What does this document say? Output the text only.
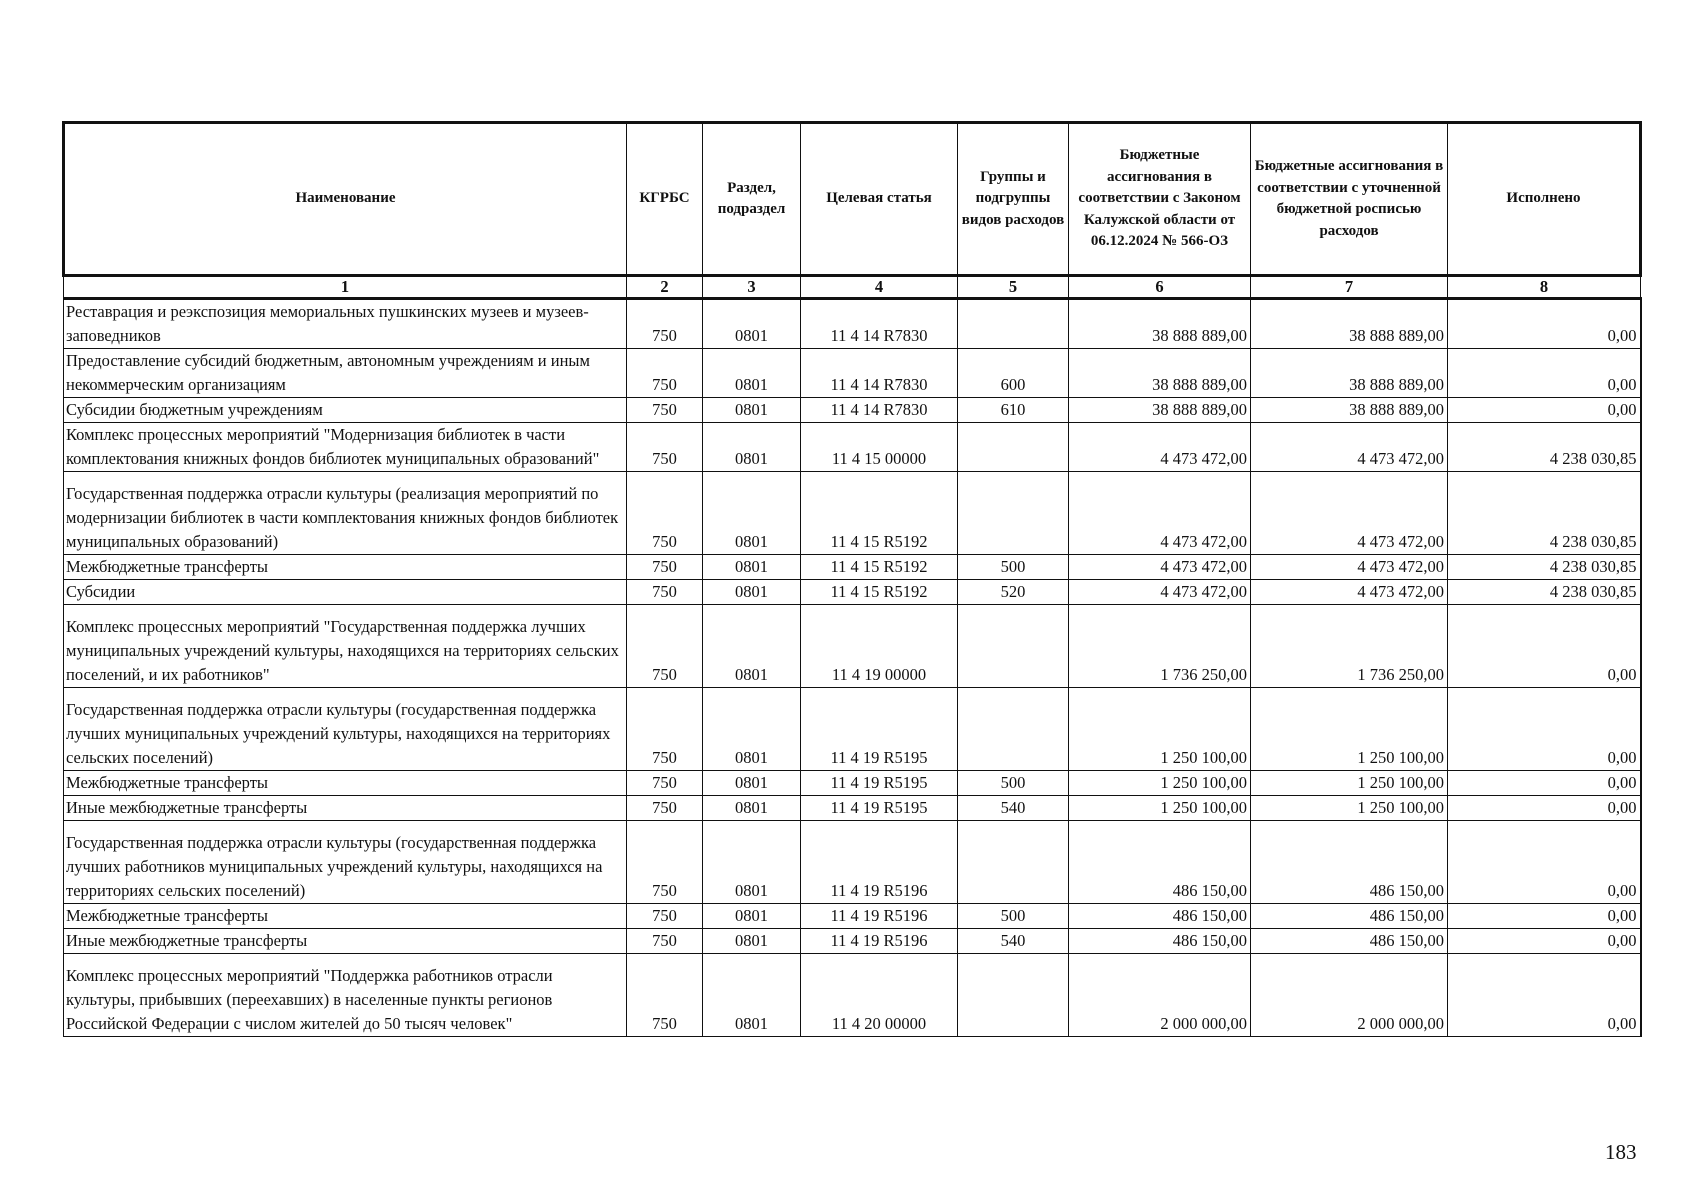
Наименование	КГРБС	Раздел, подраздел	Целевая статья	Группы и подгруппы видов расходов	Бюджетные ассигнования в соответствии с Законом Калужской области от 06.12.2024 № 566-ОЗ	Бюджетные ассигнования в соответствии с уточненной бюджетной росписью расходов	Исполнено
1	2	3	4	5	6	7	8
Реставрация и реэкспозиция мемориальных пушкинских музеев и музеев-заповедников	750	0801	11 4 14 R7830		38 888 889,00	38 888 889,00	0,00
Предоставление субсидий бюджетным, автономным учреждениям и иным некоммерческим организациям	750	0801	11 4 14 R7830	600	38 888 889,00	38 888 889,00	0,00
Субсидии бюджетным учреждениям	750	0801	11 4 14 R7830	610	38 888 889,00	38 888 889,00	0,00
Комплекс процессных мероприятий "Модернизация библиотек в части комплектования книжных фондов библиотек муниципальных образований"	750	0801	11 4 15 00000		4 473 472,00	4 473 472,00	4 238 030,85
Государственная поддержка отрасли культуры (реализация мероприятий по модернизации библиотек в части комплектования книжных фондов библиотек муниципальных образований)	750	0801	11 4 15 R5192		4 473 472,00	4 473 472,00	4 238 030,85
Межбюджетные трансферты	750	0801	11 4 15 R5192	500	4 473 472,00	4 473 472,00	4 238 030,85
Субсидии	750	0801	11 4 15 R5192	520	4 473 472,00	4 473 472,00	4 238 030,85
Комплекс процессных мероприятий "Государственная поддержка лучших муниципальных учреждений культуры, находящихся на территориях сельских поселений, и их работников"	750	0801	11 4 19 00000		1 736 250,00	1 736 250,00	0,00
Государственная поддержка отрасли культуры (государственная поддержка лучших муниципальных учреждений культуры, находящихся на территориях сельских поселений)	750	0801	11 4 19 R5195		1 250 100,00	1 250 100,00	0,00
Межбюджетные трансферты	750	0801	11 4 19 R5195	500	1 250 100,00	1 250 100,00	0,00
Иные межбюджетные трансферты	750	0801	11 4 19 R5195	540	1 250 100,00	1 250 100,00	0,00
Государственная поддержка отрасли культуры (государственная поддержка лучших работников муниципальных учреждений культуры, находящихся на территориях сельских поселений)	750	0801	11 4 19 R5196		486 150,00	486 150,00	0,00
Межбюджетные трансферты	750	0801	11 4 19 R5196	500	486 150,00	486 150,00	0,00
Иные межбюджетные трансферты	750	0801	11 4 19 R5196	540	486 150,00	486 150,00	0,00
Комплекс процессных мероприятий "Поддержка работников отрасли культуры, прибывших (переехавших) в населенные пункты регионов Российской Федерации с числом жителей до 50 тысяч человек"	750	0801	11 4 20 00000		2 000 000,00	2 000 000,00	0,00
183
